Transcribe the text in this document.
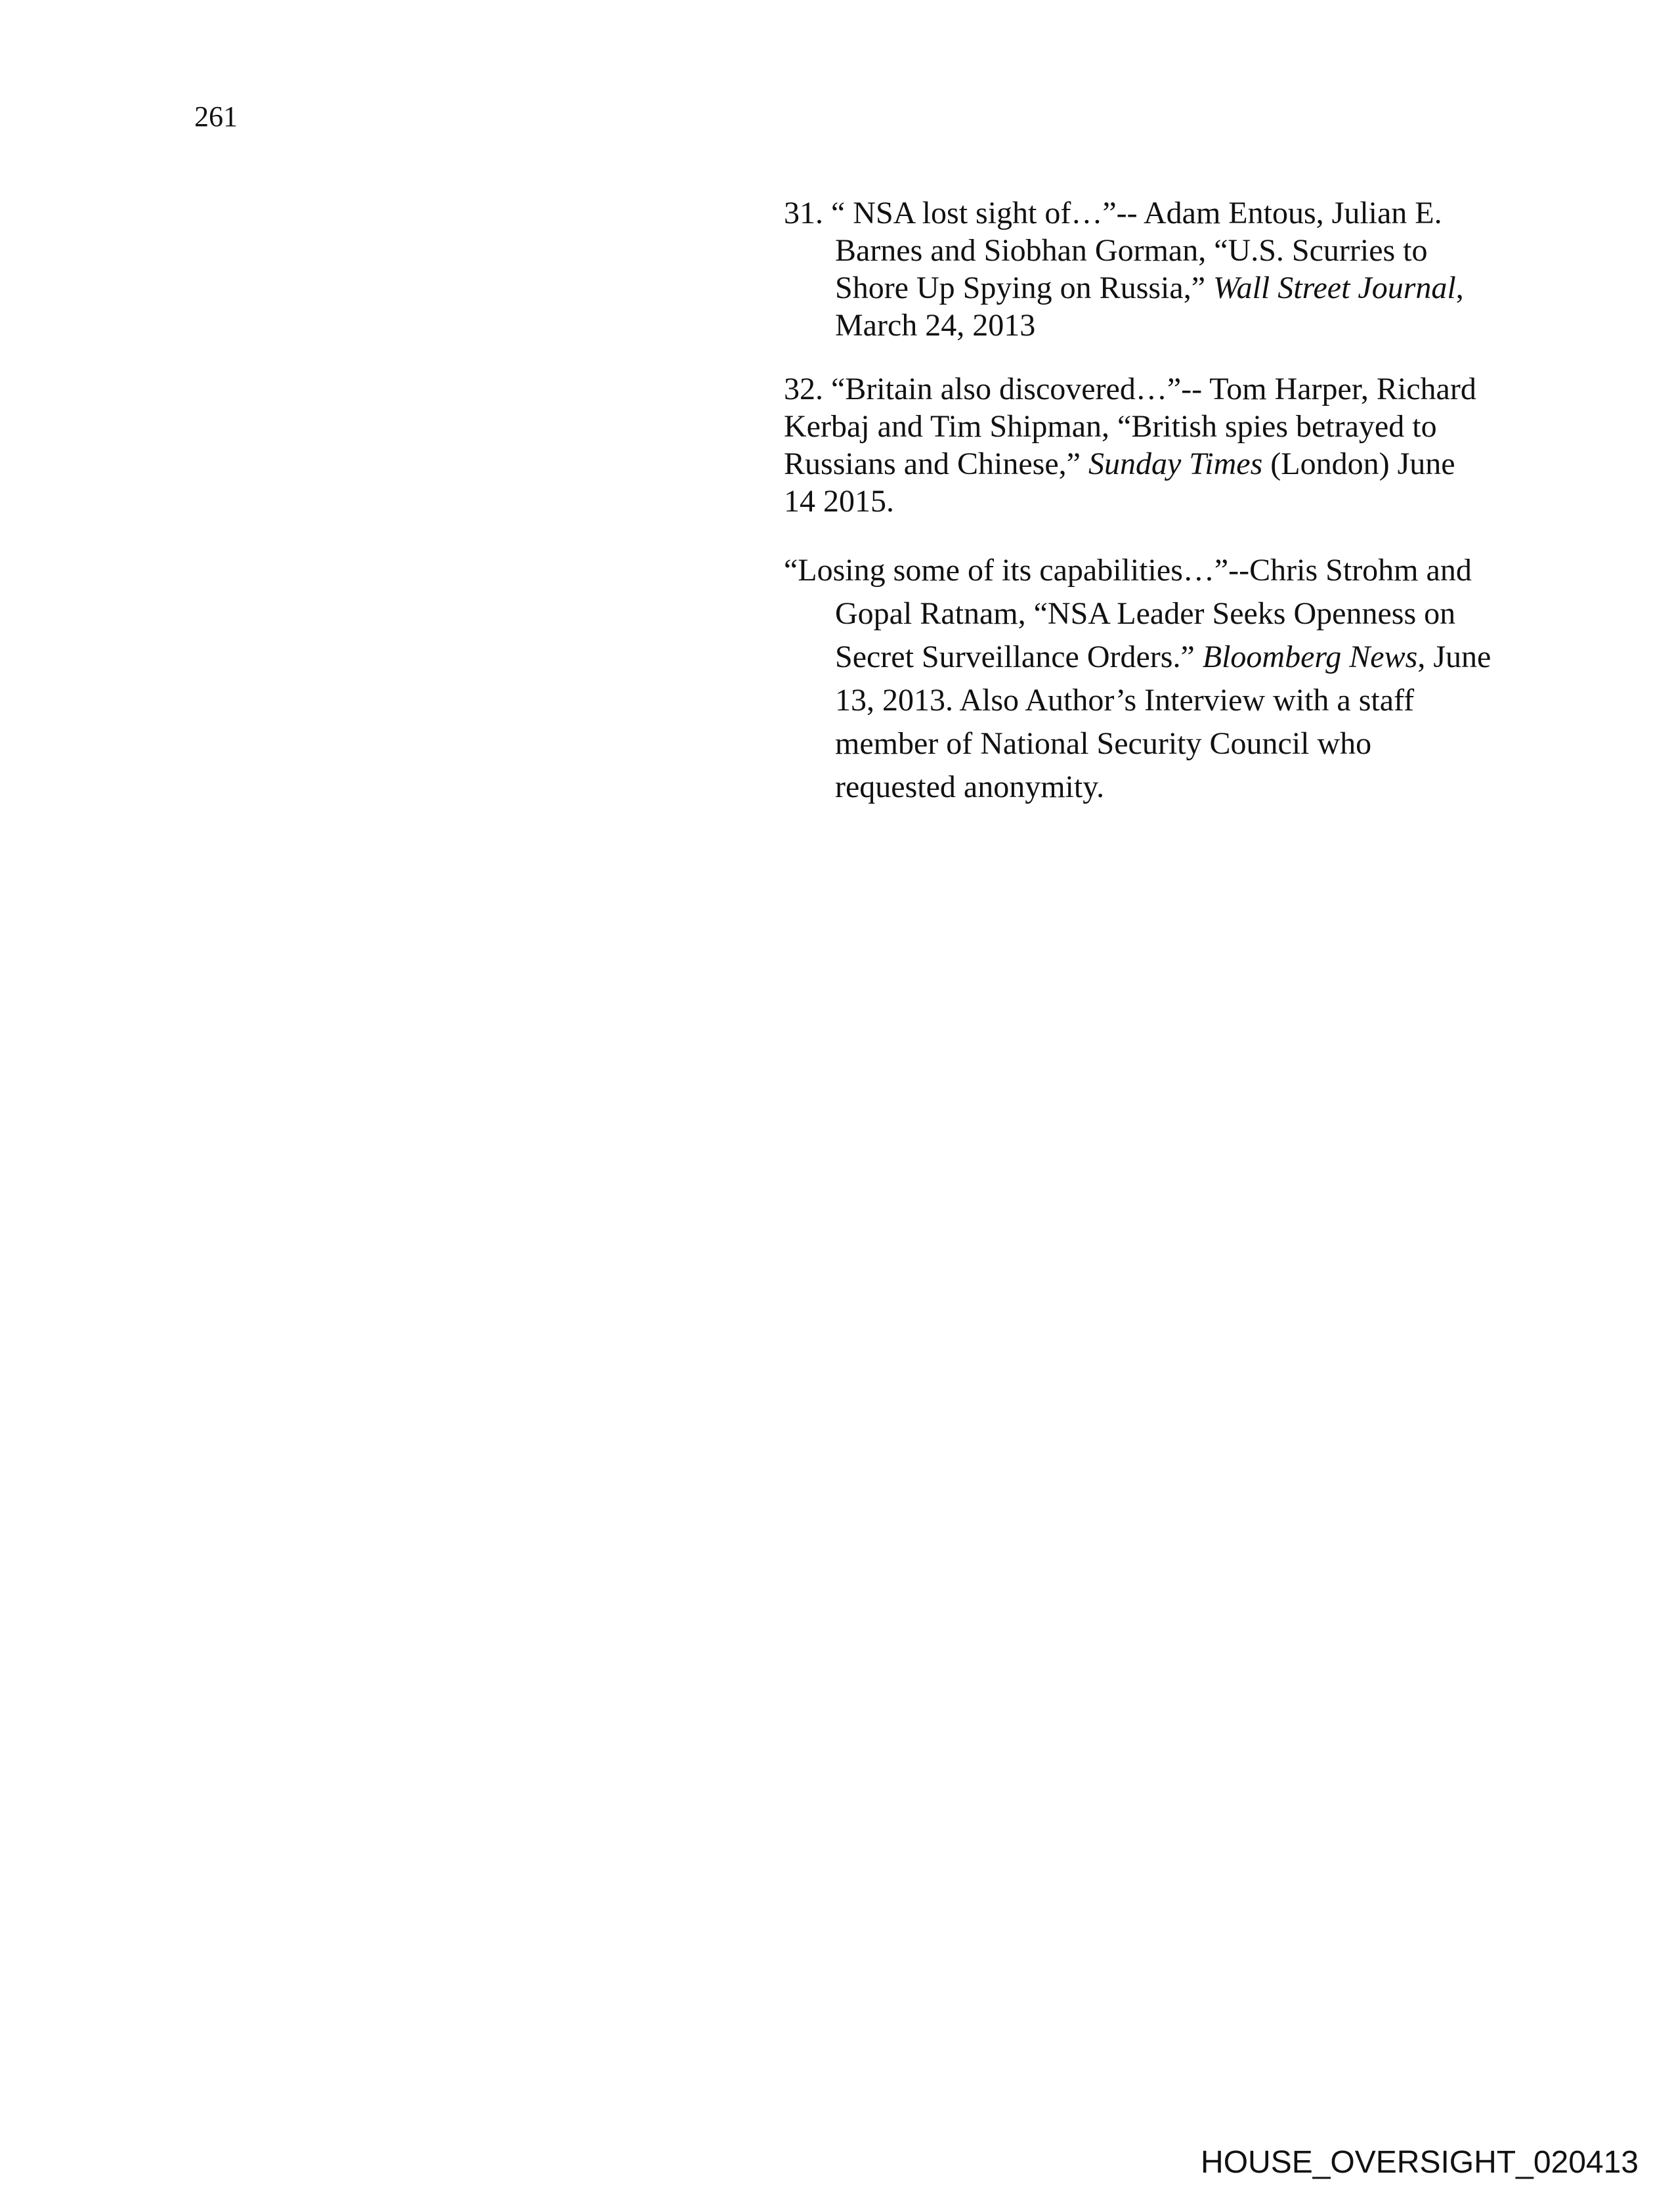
261

31. “ NSA lost sight of…”-- Adam Entous, Julian E. Barnes and Siobhan Gorman, “U.S. Scurries to Shore Up Spying on Russia,” Wall Street Journal, March 24, 2013

32. “Britain also discovered…”-- Tom Harper, Richard Kerbaj and Tim Shipman, “British spies betrayed to Russians and Chinese,” Sunday Times (London) June 14 2015.

“Losing some of its capabilities…”--Chris Strohm and Gopal Ratnam, “NSA Leader Seeks Openness on Secret Surveillance Orders.” Bloomberg News, June 13, 2013. Also Author’s Interview with a staff member of National Security Council who requested anonymity.

HOUSE_OVERSIGHT_020413
